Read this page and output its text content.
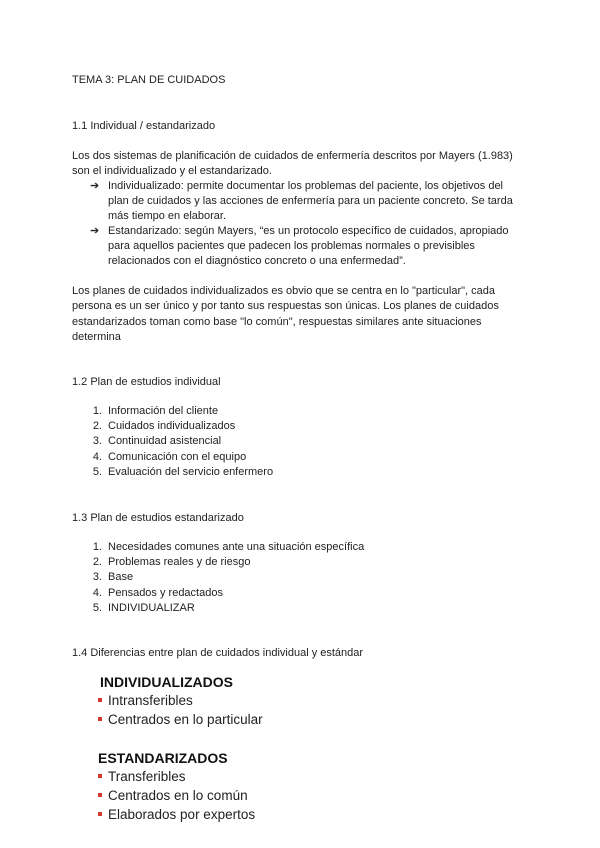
TEMA 3: PLAN DE CUIDADOS
1.1 Individual / estandarizado
Los dos sistemas de planificación de cuidados de enfermería descritos por Mayers (1.983)
son el individualizado y el estandarizado.
➔ Individualizado: permite documentar los problemas del paciente, los objetivos del
plan de cuidados y las acciones de enfermería para un paciente concreto. Se tarda
más tiempo en elaborar.
➔ Estandarizado: según Mayers, “es un protocolo específico de cuidados, apropiado
para aquellos pacientes que padecen los problemas normales o previsibles
relacionados con el diagnóstico concreto o una enfermedad”.
Los planes de cuidados individualizados es obvio que se centra en lo "particular", cada
persona es un ser único y por tanto sus respuestas son únicas. Los planes de cuidados
estandarizados toman como base "lo común", respuestas similares ante situaciones
determina
1.2 Plan de estudios individual
1. Información del cliente
2. Cuidados individualizados
3. Continuidad asistencial
4. Comunicación con el equipo
5. Evaluación del servicio enfermero
1.3 Plan de estudios estandarizado
1. Necesidades comunes ante una situación específica
2. Problemas reales y de riesgo
3. Base
4. Pensados y redactados
5. INDIVIDUALIZAR
1.4 Diferencias entre plan de cuidados individual y estándar
INDIVIDUALIZADOS
Intransferibles
Centrados en lo particular
ESTANDARIZADOS
Transferibles
Centrados en lo común
Elaborados por expertos
